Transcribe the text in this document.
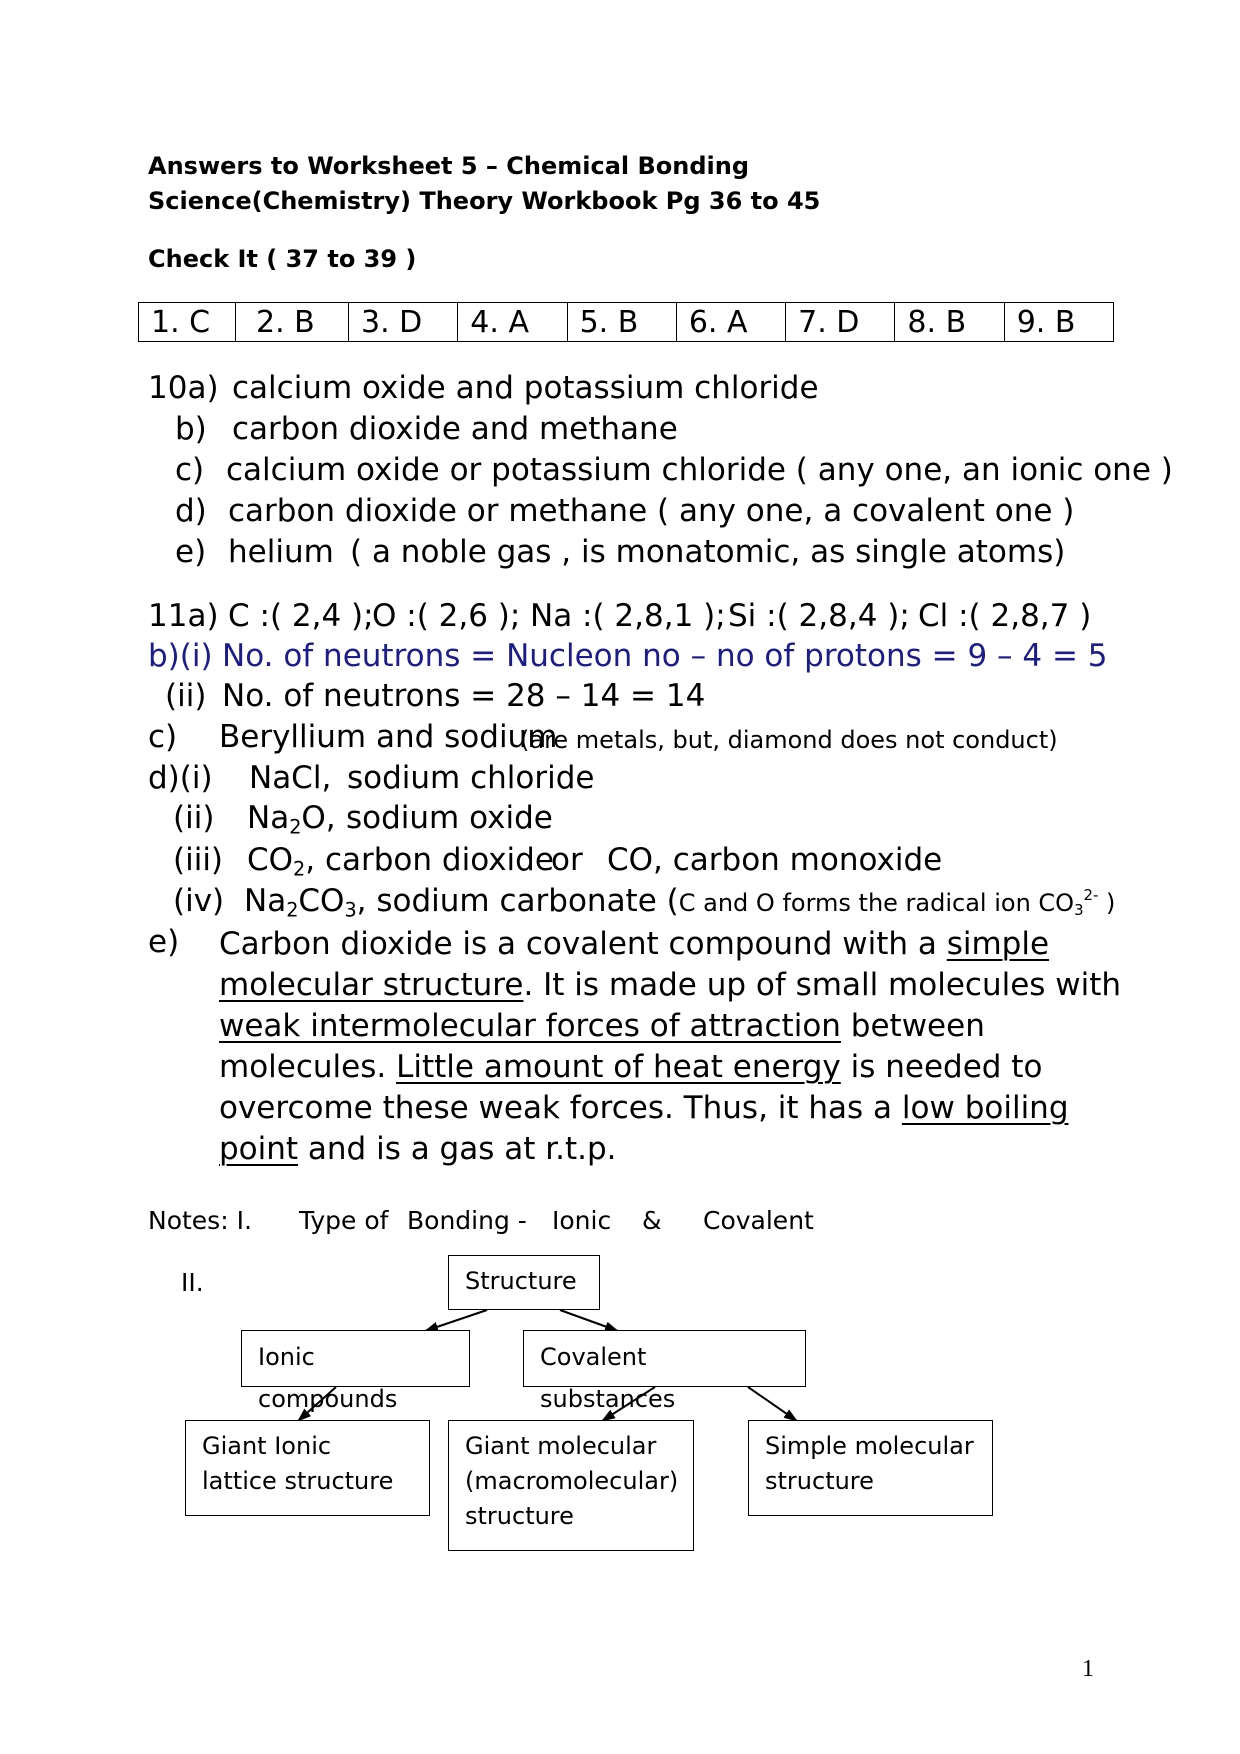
Answers to Worksheet 5 – Chemical Bonding
Science(Chemistry) Theory Workbook Pg 36 to 45
Check It ( 37 to 39 )
1. C	2. B	3. D	4. A	5. B	6. A	7. D	8. B	9. B
10a) calcium oxide and potassium chloride
b) carbon dioxide and methane
c) calcium oxide or potassium chloride ( any one, an ionic one )
d) carbon dioxide or methane ( any one, a covalent one )
e) helium ( a noble gas , is monatomic, as single atoms)
11a) C :( 2,4 );
O :( 2,6 ); Na :( 2,8,1 ); Si :( 2,8,4 ); Cl :( 2,8,7 )
b)(i) No. of neutrons = Nucleon no – no of protons = 9 – 4 = 5
(ii) No. of neutrons = 28 – 14 = 14
c) Beryllium and sodium
(are metals, but, diamond does not conduct)
d)(i) NaCl, sodium chloride
(ii) $Na_2O$, sodium oxide
(iii) $CO_2$, carbon dioxide
or CO, carbon monoxide
(iv) $Na_2CO_3$, sodium carbonate (C and O forms the radical ion $CO_3^{2-}$ )
e) Carbon dioxide is a covalent compound with a simple
molecular structure. It is made up of small molecules with
weak intermolecular forces of attraction between
molecules. Little amount of heat energy is needed to
overcome these weak forces. Thus, it has a low boiling
point and is a gas at r.t.p.
Notes: I. Type of Bonding - Ionic & Covalent
II.	Structure
Ionic compounds
Covalent substances
Giant Ionic
lattice structure
Giant molecular
(macromolecular)
structure
Simple molecular
structure
1
